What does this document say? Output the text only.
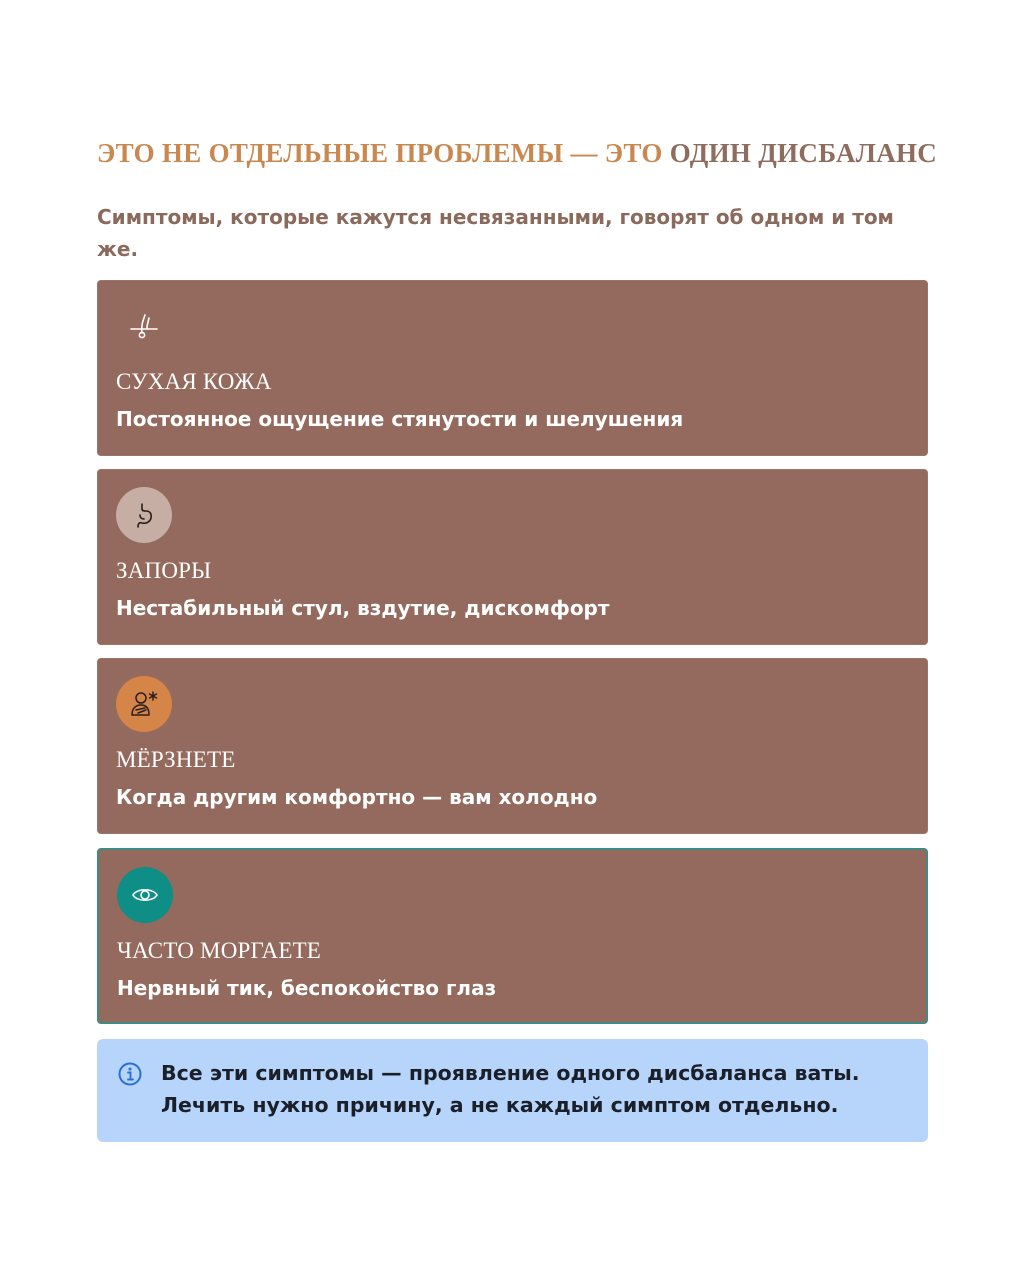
ЭТО НЕ ОТДЕЛЬНЫЕ ПРОБЛЕМЫ — ЭТО ОДИН ДИСБАЛАНС

Симптомы, которые кажутся несвязанными, говорят об одном и том же.

СУХАЯ КОЖА
Постоянное ощущение стянутости и шелушения
ЗАПОРЫ
Нестабильный стул, вздутие, дискомфорт
МЁРЗНЕТЕ
Когда другим комфортно — вам холодно
ЧАСТО МОРГАЕТЕ
Нервный тик, беспокойство глаз
Все эти симптомы — проявление одного дисбаланса ваты.
Лечить нужно причину, а не каждый симптом отдельно.
